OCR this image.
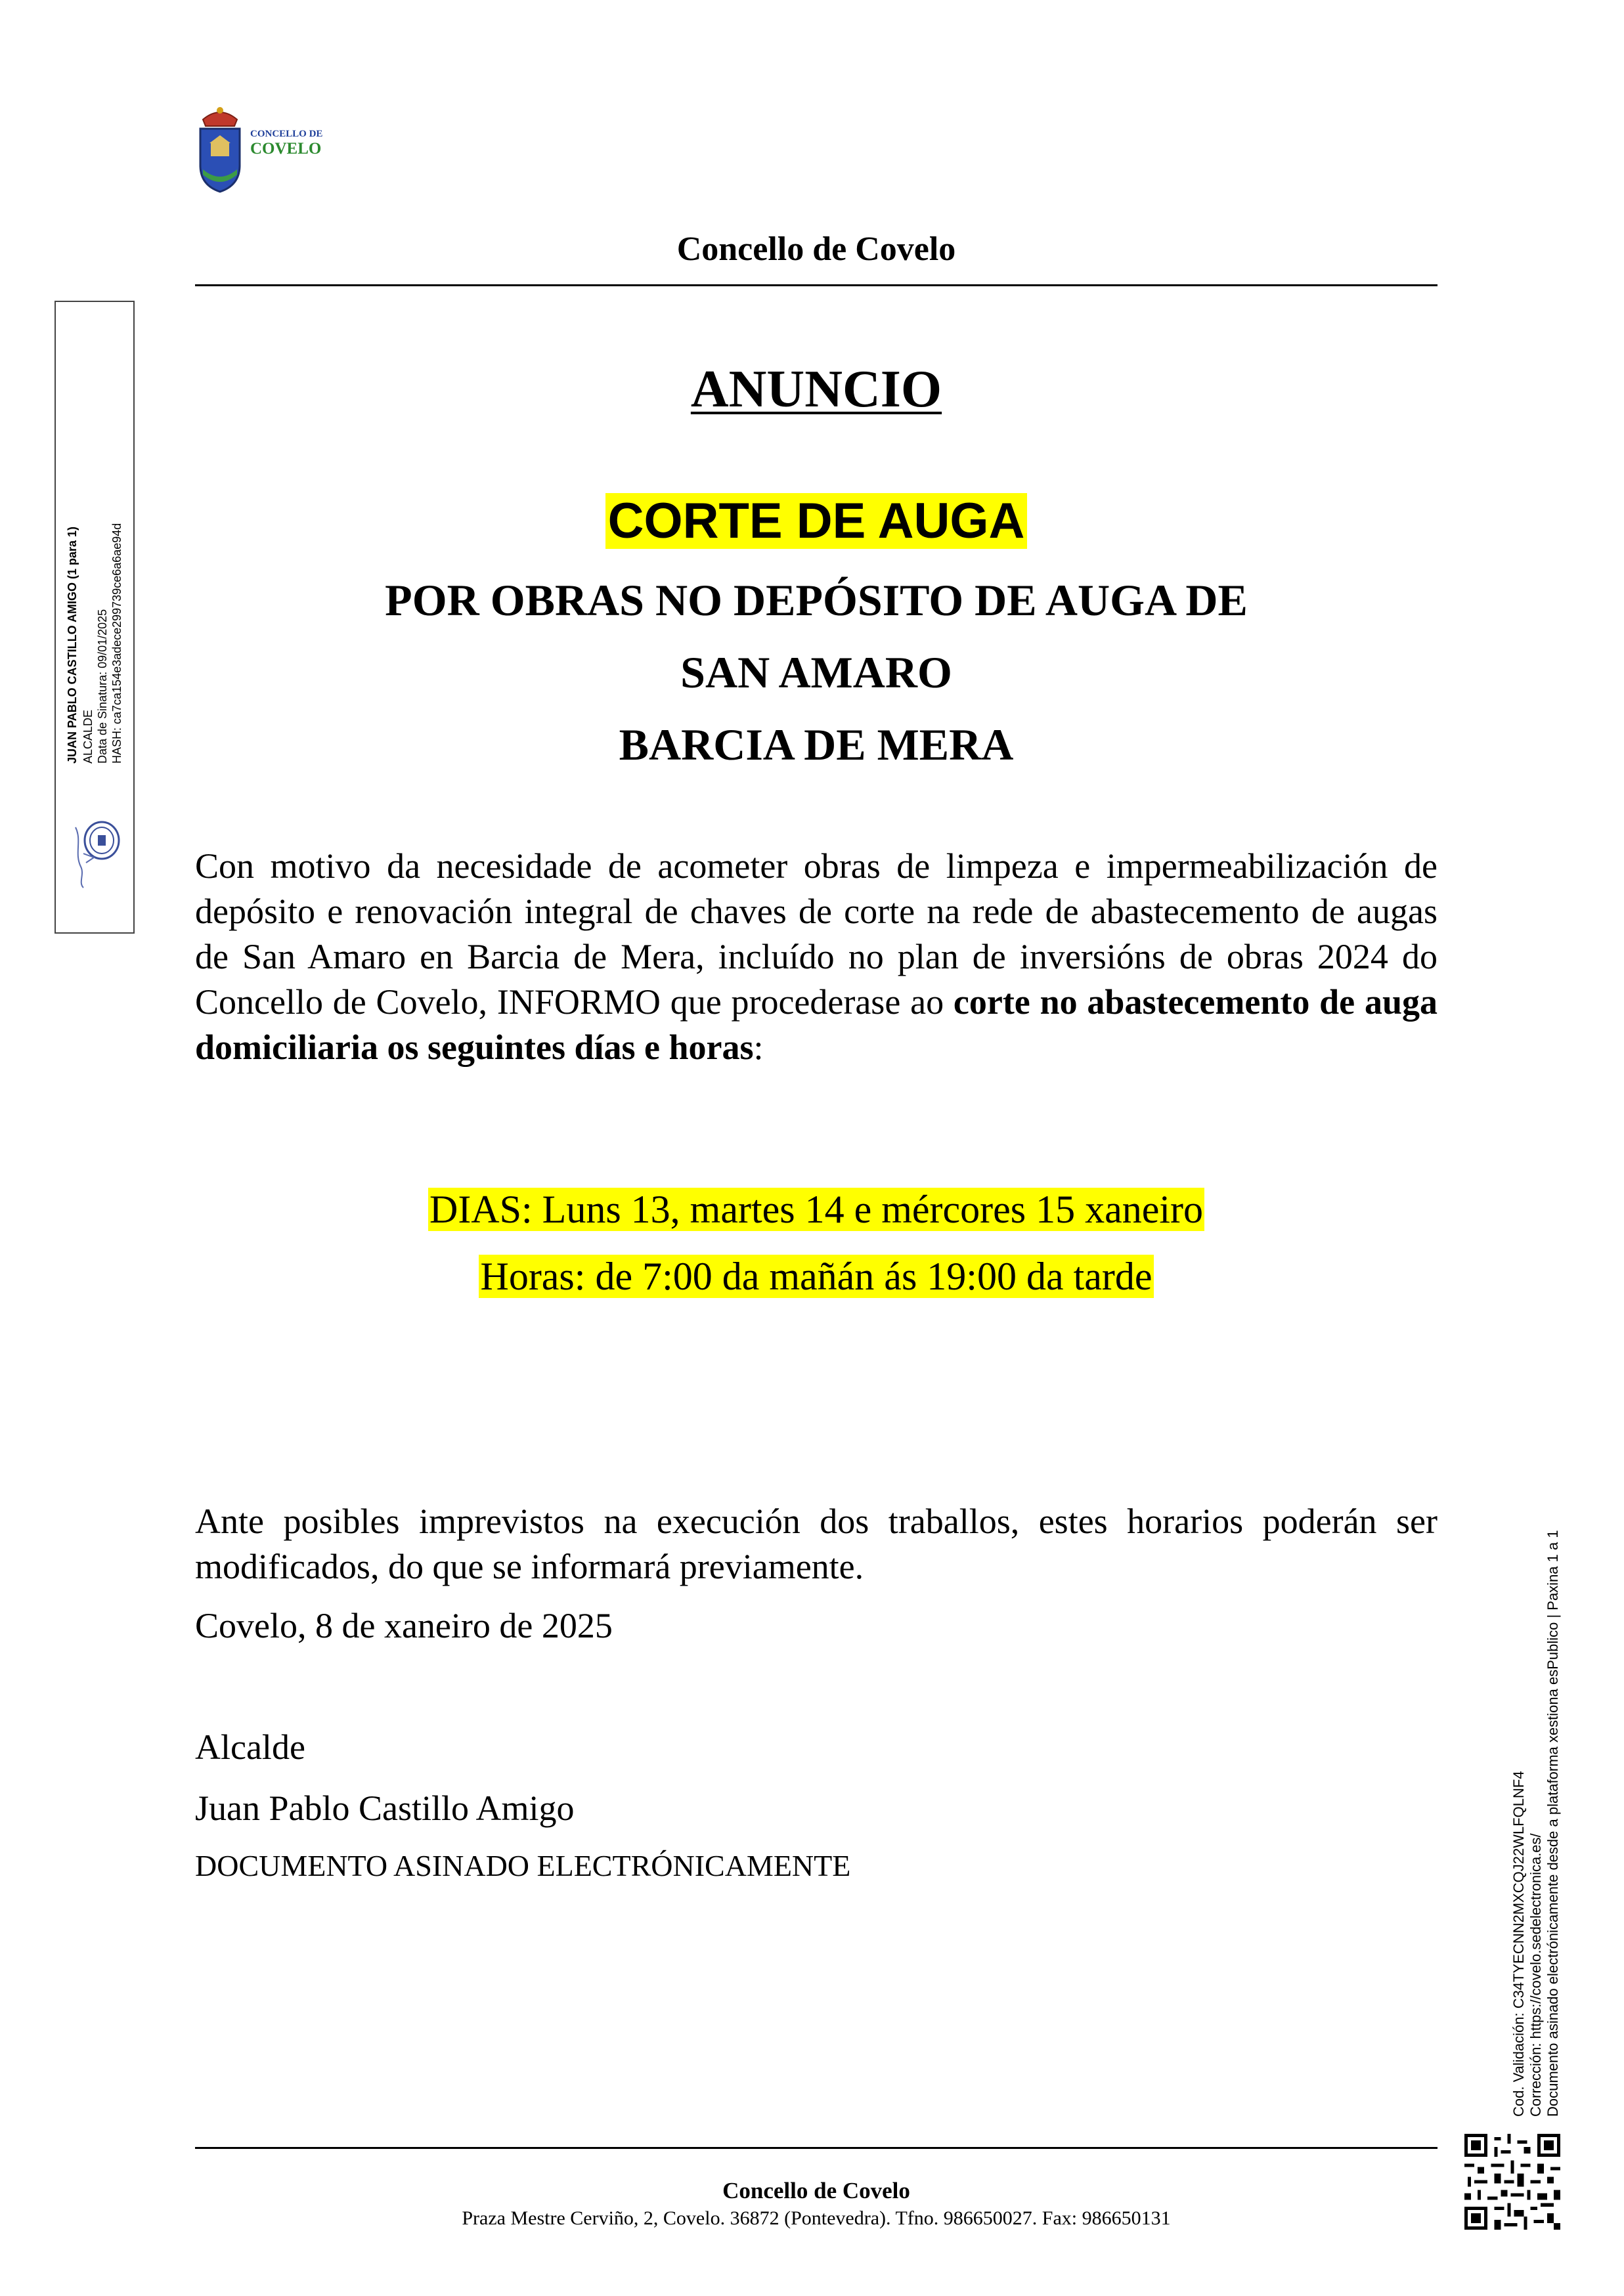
CONCELLO DE
COVELO
Concello de Covelo
ANUNCIO
CORTE DE AUGA
POR OBRAS NO DEPÓSITO DE AUGA DE
SAN AMARO
BARCIA DE MERA
Con motivo da necesidade de acometer obras de limpeza e impermeabilización de depósito e renovación integral de chaves de corte na rede de abastecemento de augas de San Amaro en Barcia de Mera, incluído no plan de inversións de obras 2024 do Concello de Covelo, INFORMO que procederase ao corte no abastecemento de auga domiciliaria os seguintes días e horas:
DIAS: Luns 13, martes 14 e mércores 15 xaneiro
Horas: de 7:00 da mañán ás 19:00 da tarde
Ante posibles imprevistos na execución dos traballos, estes horarios poderán ser modificados, do que se informará previamente.
Covelo, 8 de xaneiro de 2025
Alcalde
Juan Pablo Castillo Amigo
DOCUMENTO ASINADO ELECTRÓNICAMENTE
Concello de Covelo
Praza Mestre Cerviño, 2, Covelo. 36872 (Pontevedra). Tfno. 986650027. Fax: 986650131
JUAN PABLO CASTILLO AMIGO (1 para 1) ALCALDE Data de Sinatura: 09/01/2025 HASH: ca7ca154e3adece299739ce6a6ae94d
Cod. Validación: C34TYECNN2MXCQJ22WLFQLNF4 Corrección: https://covelo.sedelectronica.es/ Documento asinado electrónicamente desde a plataforma xestiona esPublico | Paxina 1 a 1
